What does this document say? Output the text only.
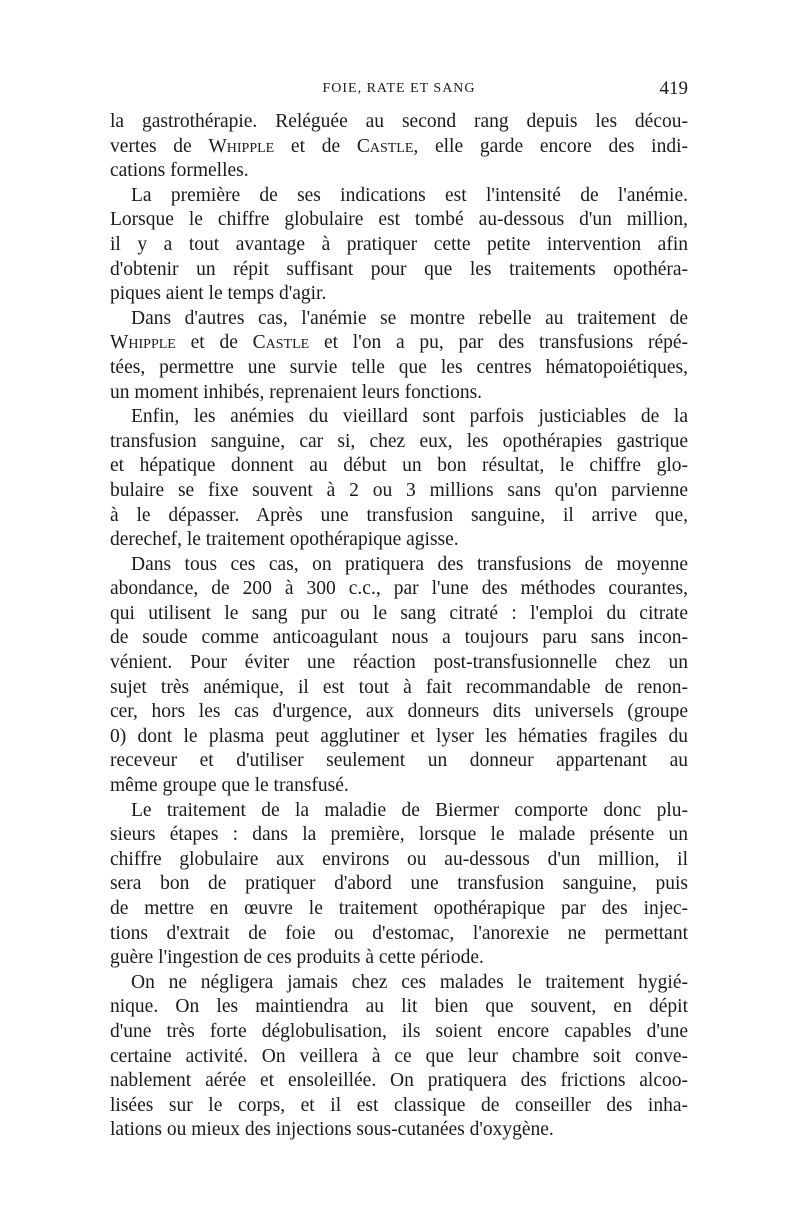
FOIE, RATE ET SANG	419
la gastrothérapie. Reléguée au second rang depuis les décou-
vertes de Whipple et de Castle, elle garde encore des indi-
cations formelles.
La première de ses indications est l'intensité de l'anémie.
Lorsque le chiffre globulaire est tombé au-dessous d'un million,
il y a tout avantage à pratiquer cette petite intervention afin
d'obtenir un répit suffisant pour que les traitements opothéra-
piques aient le temps d'agir.
Dans d'autres cas, l'anémie se montre rebelle au traitement de
Whipple et de Castle et l'on a pu, par des transfusions répé-
tées, permettre une survie telle que les centres hématopoiétiques,
un moment inhibés, reprenaient leurs fonctions.
Enfin, les anémies du vieillard sont parfois justiciables de la
transfusion sanguine, car si, chez eux, les opothérapies gastrique
et hépatique donnent au début un bon résultat, le chiffre glo-
bulaire se fixe souvent à 2 ou 3 millions sans qu'on parvienne
à le dépasser. Après une transfusion sanguine, il arrive que,
derechef, le traitement opothérapique agisse.
Dans tous ces cas, on pratiquera des transfusions de moyenne
abondance, de 200 à 300 c.c., par l'une des méthodes courantes,
qui utilisent le sang pur ou le sang citraté : l'emploi du citrate
de soude comme anticoagulant nous a toujours paru sans incon-
vénient. Pour éviter une réaction post-transfusionnelle chez un
sujet très anémique, il est tout à fait recommandable de renon-
cer, hors les cas d'urgence, aux donneurs dits universels (groupe
0) dont le plasma peut agglutiner et lyser les hématies fragiles du
receveur et d'utiliser seulement un donneur appartenant au
même groupe que le transfusé.
Le traitement de la maladie de Biermer comporte donc plu-
sieurs étapes : dans la première, lorsque le malade présente un
chiffre globulaire aux environs ou au-dessous d'un million, il
sera bon de pratiquer d'abord une transfusion sanguine, puis
de mettre en œuvre le traitement opothérapique par des injec-
tions d'extrait de foie ou d'estomac, l'anorexie ne permettant
guère l'ingestion de ces produits à cette période.
On ne négligera jamais chez ces malades le traitement hygié-
nique. On les maintiendra au lit bien que souvent, en dépit
d'une très forte déglobulisation, ils soient encore capables d'une
certaine activité. On veillera à ce que leur chambre soit conve-
nablement aérée et ensoleillée. On pratiquera des frictions alcoo-
lisées sur le corps, et il est classique de conseiller des inha-
lations ou mieux des injections sous-cutanées d'oxygène.
